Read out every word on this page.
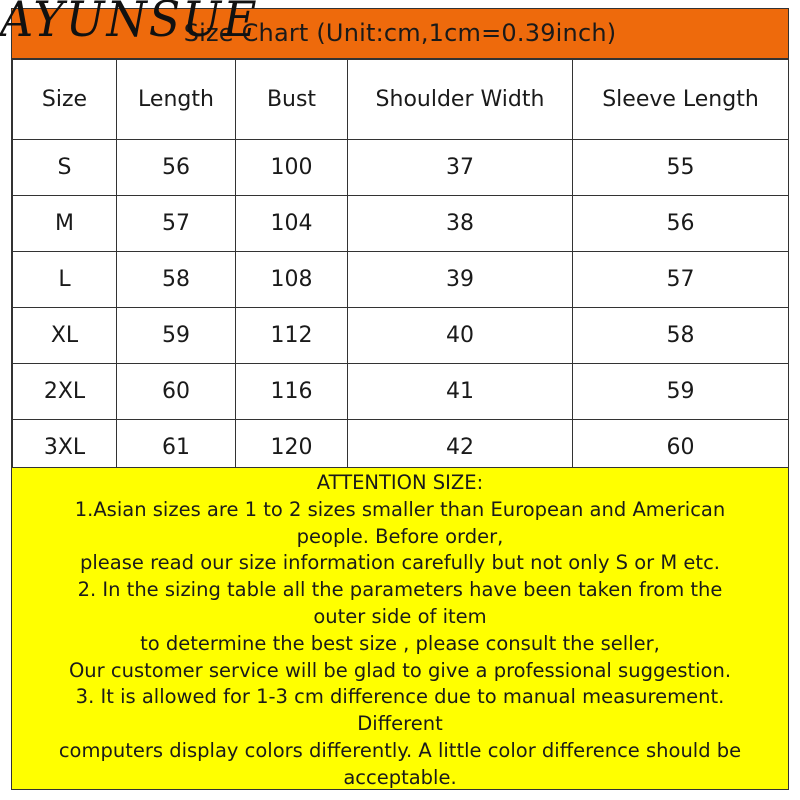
Size Chart (Unit:cm,1cm=0.39inch)
Size	Length	Bust	Shoulder Width	Sleeve Length
S	56	100	37	55
M	57	104	38	56
L	58	108	39	57
XL	59	112	40	58
2XL	60	116	41	59
3XL	61	120	42	60
ATTENTION SIZE:
1.Asian sizes are 1 to 2 sizes smaller than European and American
people. Before order,
please read our size information carefully but not only S or M etc.
2. In the sizing table all the parameters have been taken from the
outer side of item
to determine the best size , please consult the seller,
Our customer service will be glad to give a professional suggestion.
3. It is allowed for 1-3 cm difference due to manual measurement.
Different
computers display colors differently. A little color difference should be
acceptable.
AYUNSUE
